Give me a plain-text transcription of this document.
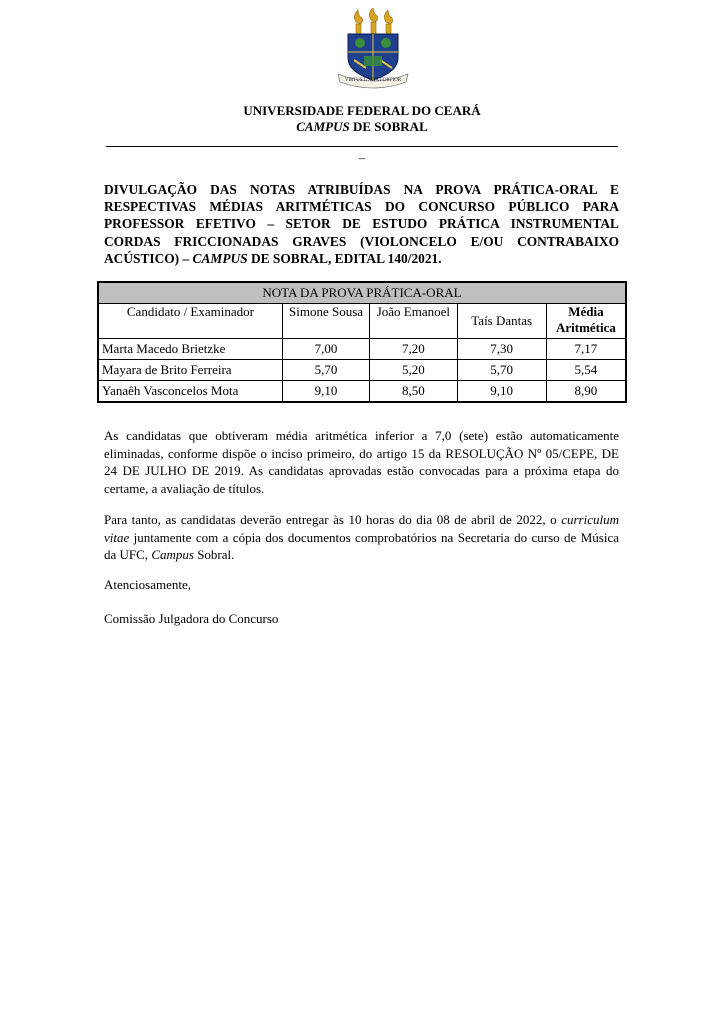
VIRTUS UNITA FORTIOR
UNIVERSIDADE FEDERAL DO CEARÁ
CAMPUS DE SOBRAL
–
DIVULGAÇÃO DAS NOTAS ATRIBUÍDAS NA PROVA PRÁTICA-ORAL E RESPECTIVAS MÉDIAS ARITMÉTICAS DO CONCURSO PÚBLICO PARA PROFESSOR EFETIVO – SETOR DE ESTUDO PRÁTICA INSTRUMENTAL CORDAS FRICCIONADAS GRAVES (VIOLONCELO E/OU CONTRABAIXO ACÚSTICO) – CAMPUS DE SOBRAL, EDITAL 140/2021.
NOTA DA PROVA PRÁTICA-ORAL				
Candidato / Examinador	Simone Sousa	João Emanoel	Taís Dantas	Média Aritmética
Marta Macedo Brietzke	7,00	7,20	7,30	7,17
Mayara de Brito Ferreira	5,70	5,20	5,70	5,54
Yanaêh Vasconcelos Mota	9,10	8,50	9,10	8,90
As candidatas que obtiveram média aritmética inferior a 7,0 (sete) estão automaticamente eliminadas, conforme dispõe o inciso primeiro, do artigo 15 da RESOLUÇÃO Nº 05/CEPE, DE 24 DE JULHO DE 2019. As candidatas aprovadas estão convocadas para a próxima etapa do certame, a avaliação de títulos.
Para tanto, as candidatas deverão entregar às 10 horas do dia 08 de abril de 2022, o curriculum vitae juntamente com a cópia dos documentos comprobatórios na Secretaria do curso de Música da UFC, Campus Sobral.
Atenciosamente,
Comissão Julgadora do Concurso
